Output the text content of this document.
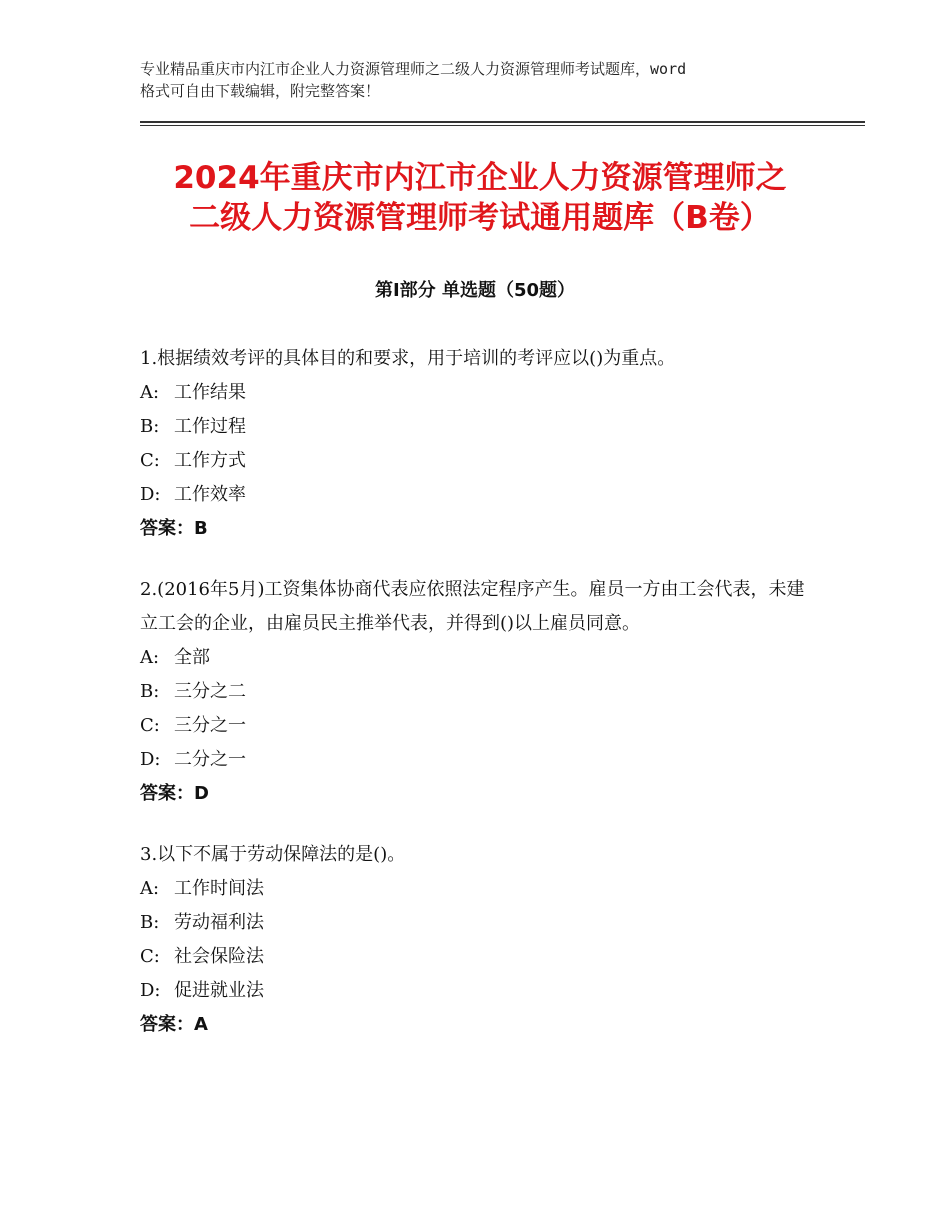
专业精品重庆市内江市企业人力资源管理师之二级人力资源管理师考试题库，word
格式可自由下载编辑，附完整答案！
2024年重庆市内江市企业人力资源管理师之
二级人力资源管理师考试通用题库（B卷）
第Ⅰ部分 单选题（50题）

1.根据绩效考评的具体目的和要求，用于培训的考评应以()为重点。

A: 工作结果

B: 工作过程

C: 工作方式

D: 工作效率

答案：B

2.(2016年5月)工资集体协商代表应依照法定程序产生。雇员一方由工会代表，未建立工会的企业，由雇员民主推举代表，并得到()以上雇员同意。

A: 全部

B: 三分之二

C: 三分之一

D: 二分之一

答案：D

3.以下不属于劳动保障法的是()。

A: 工作时间法

B: 劳动福利法

C: 社会保险法

D: 促进就业法

答案：A
